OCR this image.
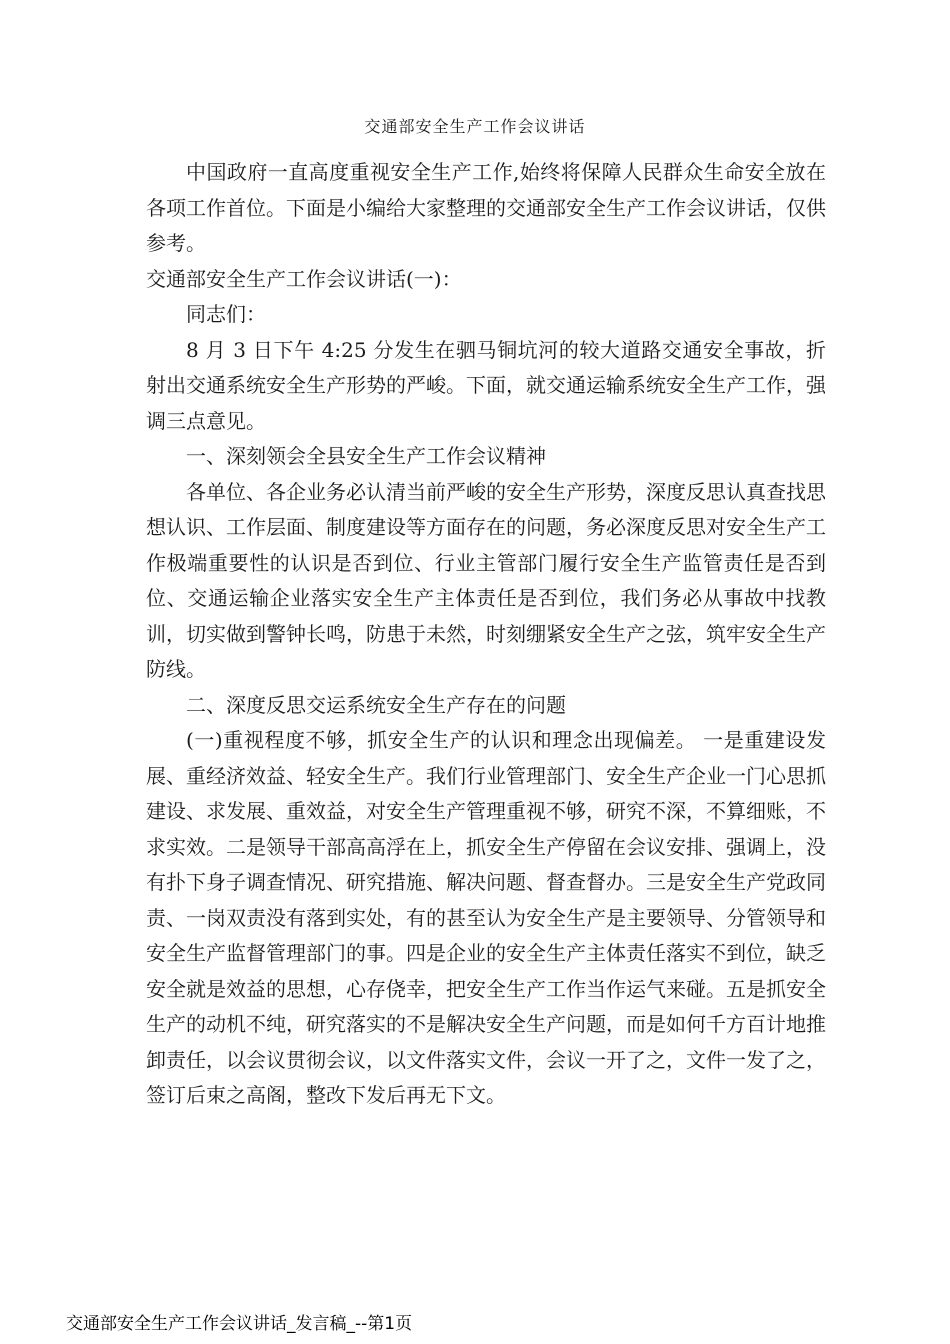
交通部安全生产工作会议讲话

中国政府一直高度重视安全生产工作,始终将保障人民群众生命安全放在各项工作首位。下面是小编给大家整理的交通部安全生产工作会议讲话，仅供参考。

交通部安全生产工作会议讲话(一)：

同志们：

8 月 3 日下午 4:25 分发生在驷马铜坑河的较大道路交通安全事故，折射出交通系统安全生产形势的严峻。下面，就交通运输系统安全生产工作，强调三点意见。

一、深刻领会全县安全生产工作会议精神

各单位、各企业务必认清当前严峻的安全生产形势，深度反思认真查找思想认识、工作层面、制度建设等方面存在的问题，务必深度反思对安全生产工作极端重要性的认识是否到位、行业主管部门履行安全生产监管责任是否到位、交通运输企业落实安全生产主体责任是否到位，我们务必从事故中找教训，切实做到警钟长鸣，防患于未然，时刻绷紧安全生产之弦，筑牢安全生产防线。

二、深度反思交运系统安全生产存在的问题

(一)重视程度不够，抓安全生产的认识和理念出现偏差。 一是重建设发展、重经济效益、轻安全生产。我们行业管理部门、安全生产企业一门心思抓建设、求发展、重效益，对安全生产管理重视不够，研究不深，不算细账，不求实效。二是领导干部高高浮在上，抓安全生产停留在会议安排、强调上，没有扑下身子调查情况、研究措施、解决问题、督查督办。三是安全生产党政同责、一岗双责没有落到实处，有的甚至认为安全生产是主要领导、分管领导和安全生产监督管理部门的事。四是企业的安全生产主体责任落实不到位，缺乏安全就是效益的思想，心存侥幸，把安全生产工作当作运气来碰。五是抓安全生产的动机不纯，研究落实的不是解决安全生产问题，而是如何千方百计地推卸责任，以会议贯彻会议，以文件落实文件，会议一开了之，文件一发了之，签订后束之高阁，整改下发后再无下文。

交通部安全生产工作会议讲话_发言稿_--第1页
